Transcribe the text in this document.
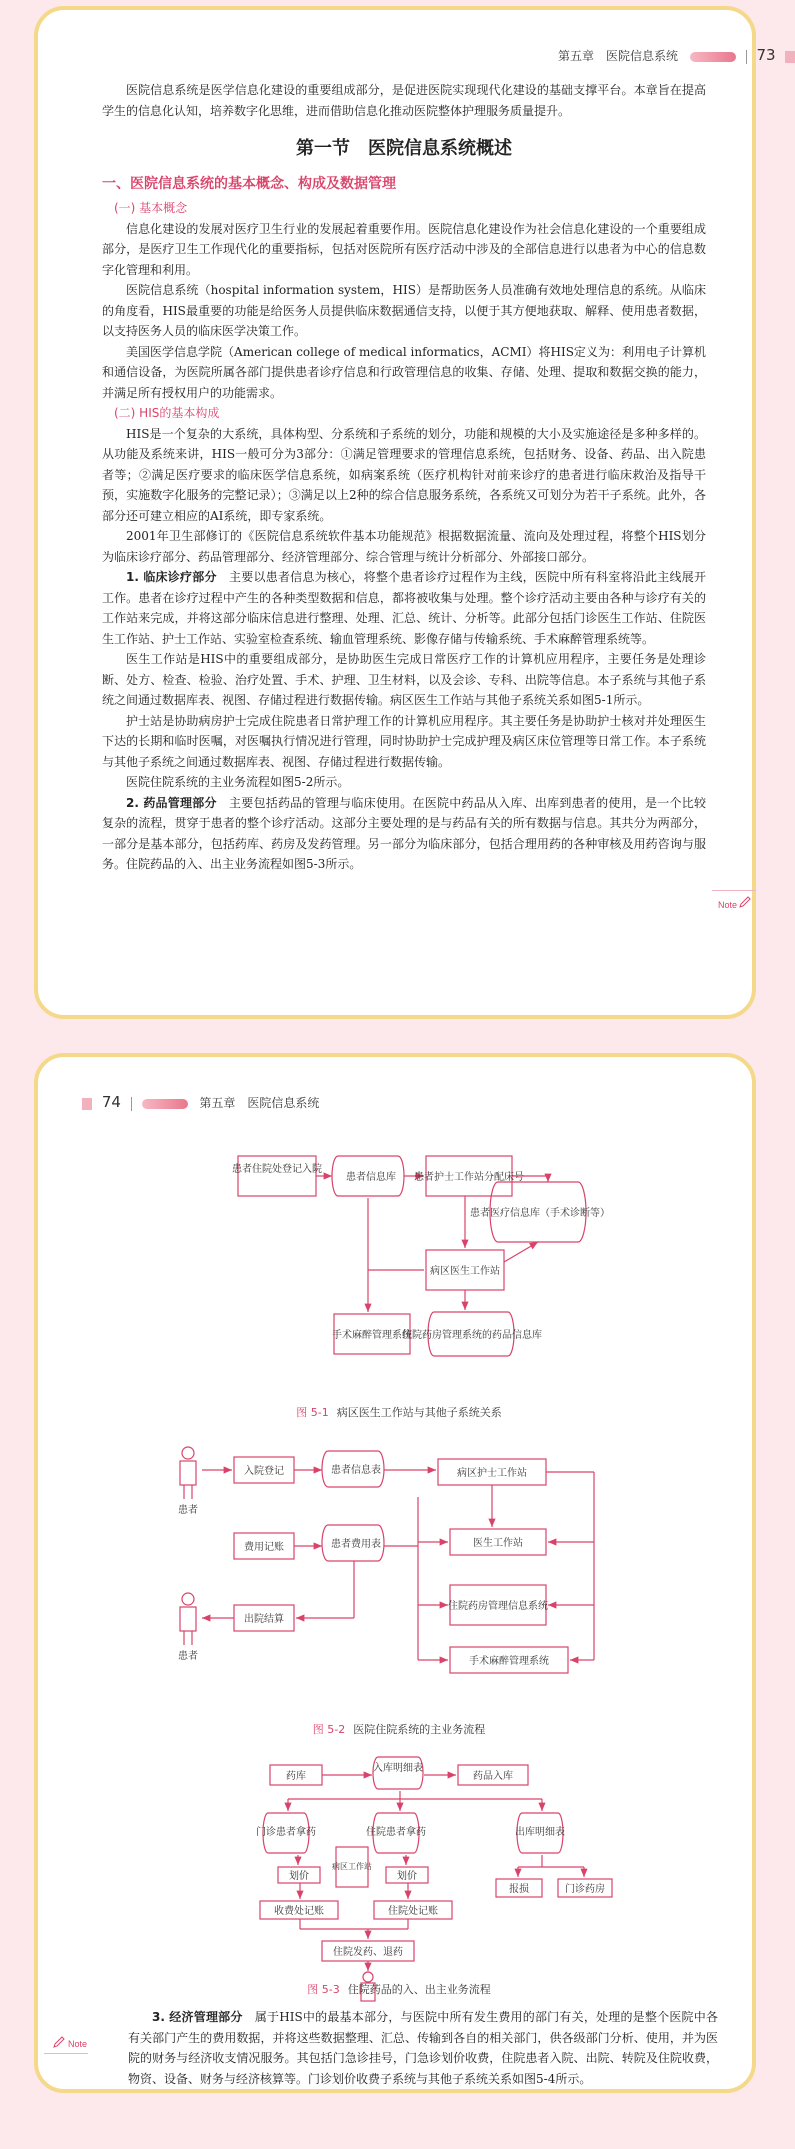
第五章　医院信息系统	73

医院信息系统是医学信息化建设的重要组成部分，是促进医院实现现代化建设的基础支撑平台。本章旨在提高学生的信息化认知，培养数字化思维，进而借助信息化推动医院整体护理服务质量提升。

第一节　医院信息系统概述
一、医院信息系统的基本概念、构成及数据管理
(一) 基本概念

信息化建设的发展对医疗卫生行业的发展起着重要作用。医院信息化建设作为社会信息化建设的一个重要组成部分，是医疗卫生工作现代化的重要指标，包括对医院所有医疗活动中涉及的全部信息进行以患者为中心的信息数字化管理和利用。

医院信息系统（hospital information system，HIS）是帮助医务人员准确有效地处理信息的系统。从临床的角度看，HIS最重要的功能是给医务人员提供临床数据通信支持，以便于其方便地获取、解释、使用患者数据，以支持医务人员的临床医学决策工作。

美国医学信息学院（American college of medical informatics，ACMI）将HIS定义为：利用电子计算机和通信设备，为医院所属各部门提供患者诊疗信息和行政管理信息的收集、存储、处理、提取和数据交换的能力，并满足所有授权用户的功能需求。

(二) HIS的基本构成

HIS是一个复杂的大系统，具体构型、分系统和子系统的划分，功能和规模的大小及实施途径是多种多样的。从功能及系统来讲，HIS一般可分为3部分：①满足管理要求的管理信息系统，包括财务、设备、药品、出入院患者等；②满足医疗要求的临床医学信息系统，如病案系统（医疗机构针对前来诊疗的患者进行临床救治及指导干预，实施数字化服务的完整记录）；③满足以上2种的综合信息服务系统，各系统又可划分为若干子系统。此外，各部分还可建立相应的AI系统，即专家系统。

2001年卫生部修订的《医院信息系统软件基本功能规范》根据数据流量、流向及处理过程，将整个HIS划分为临床诊疗部分、药品管理部分、经济管理部分、综合管理与统计分析部分、外部接口部分。

1. 临床诊疗部分　 主要以患者信息为核心，将整个患者诊疗过程作为主线，医院中所有科室将沿此主线展开工作。患者在诊疗过程中产生的各种类型数据和信息，都将被收集与处理。整个诊疗活动主要由各种与诊疗有关的工作站来完成，并将这部分临床信息进行整理、处理、汇总、统计、分析等。此部分包括门诊医生工作站、住院医生工作站、护士工作站、实验室检查系统、输血管理系统、影像存储与传输系统、手术麻醉管理系统等。

医生工作站是HIS中的重要组成部分，是协助医生完成日常医疗工作的计算机应用程序，主要任务是处理诊断、处方、检查、检验、治疗处置、手术、护理、卫生材料，以及会诊、专科、出院等信息。本子系统与其他子系统之间通过数据库表、视图、存储过程进行数据传输。病区医生工作站与其他子系统关系如图5-1所示。

护士站是协助病房护士完成住院患者日常护理工作的计算机应用程序。其主要任务是协助护士核对并处理医生下达的长期和临时医嘱，对医嘱执行情况进行管理，同时协助护士完成护理及病区床位管理等日常工作。本子系统与其他子系统之间通过数据库表、视图、存储过程进行数据传输。

医院住院系统的主业务流程如图5-2所示。

2. 药品管理部分　 主要包括药品的管理与临床使用。在医院中药品从入库、出库到患者的使用，是一个比较复杂的流程，贯穿于患者的整个诊疗活动。这部分主要处理的是与药品有关的所有数据与信息。其共分为两部分，一部分是基本部分，包括药库、药房及发药管理。另一部分为临床部分，包括合理用药的各种审核及用药咨询与服务。住院药品的入、出主业务流程如图5-3所示。

Note
74	第五章　医院信息系统
患者住院处登记入院
患者信息库 患者护士工作站分配床号
患者医疗信息库（手术诊断等）
病区医生工作站
手术麻醉管理系统
住院药房管理系统的药品信息库
图 5-1 病区医生工作站与其他子系统关系
患者
患者
入院登记	患者信息表	病区护士工作站
费用记账	患者费用表	医生工作站
住院药房管理信息系统
出院结算
手术麻醉管理系统
图 5-2 医院住院系统的主业务流程
药库
入库明细表
药品入库
门诊患者拿药	住院患者拿药	出库明细表
病区工作站
划价	划价
报损	门诊药房
收费处记账	住院处记账
住院发药、退药
图 5-3 住院药品的入、出主业务流程

3. 经济管理部分　 属于HIS中的最基本部分，与医院中所有发生费用的部门有关，处理的是整个医院中各有关部门产生的费用数据，并将这些数据整理、汇总、传输到各自的相关部门，供各级部门分析、使用，并为医院的财务与经济收支情况服务。其包括门急诊挂号，门急诊划价收费，住院患者入院、出院、转院及住院收费，物资、设备、财务与经济核算等。门诊划价收费子系统与其他子系统关系如图5-4所示。

Note
